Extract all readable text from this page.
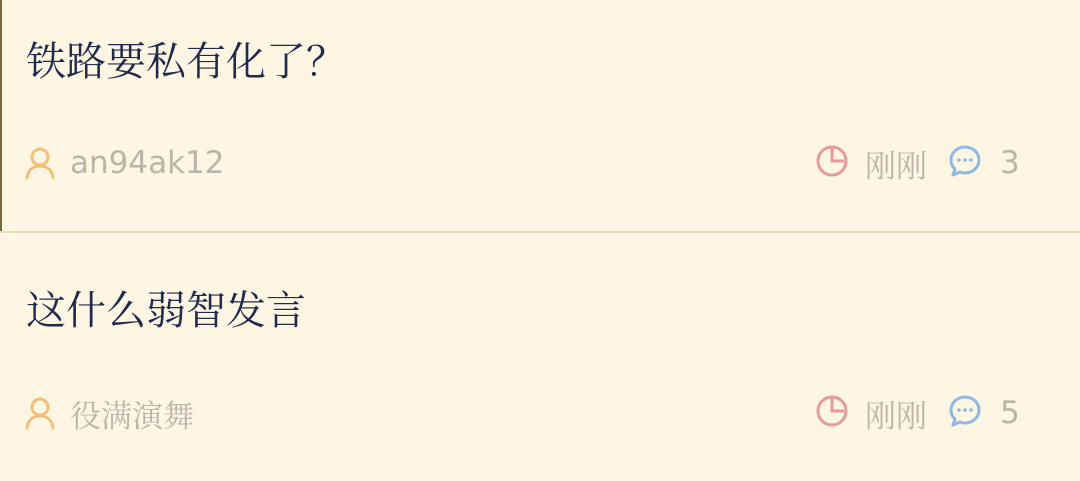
铁路要私有化了？
an94ak12	刚刚 3
这什么弱智发言
役满演舞	刚刚 5
